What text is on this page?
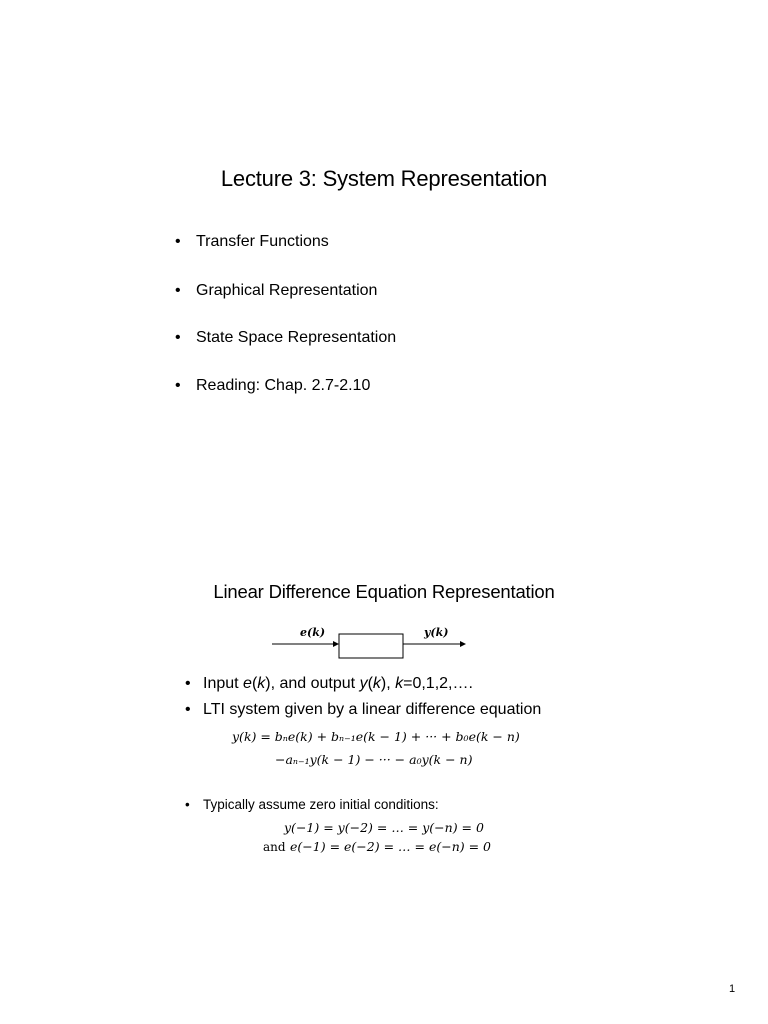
Lecture 3: System Representation
• Transfer Functions
• Graphical Representation
• State Space Representation
• Reading: Chap. 2.7-2.10
Linear Difference Equation Representation
e(k)	y(k)
• Input e(k), and output y(k), k=0,1,2,….
• LTI system given by a linear difference equation
y(k) = bₙe(k) + bₙ₋₁e(k − 1) + ··· + b₀e(k − n)
−aₙ₋₁y(k − 1) − ··· − a₀y(k − n)
• Typically assume zero initial conditions:
y(−1) = y(−2) = … = y(−n) = 0
and e(−1) = e(−2) = … = e(−n) = 0
1
